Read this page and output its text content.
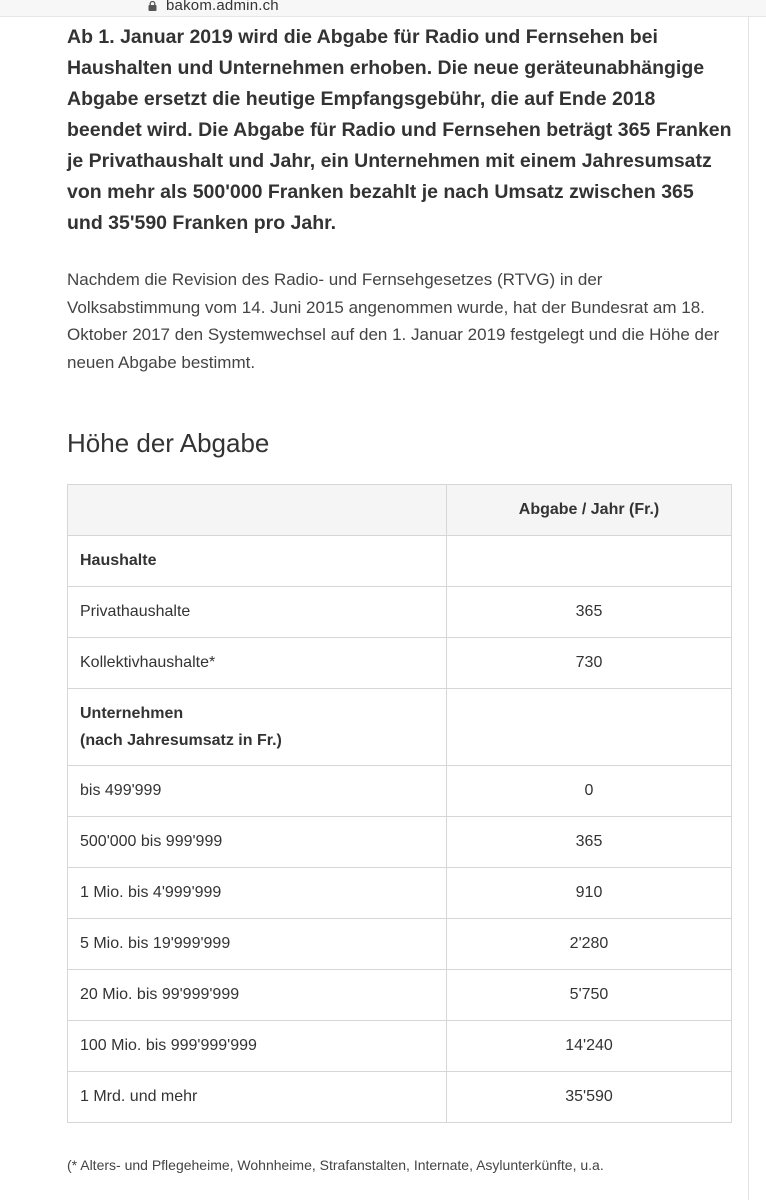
bakom.admin.ch

Ab 1. Januar 2019 wird die Abgabe für Radio und Fernsehen bei Haushalten und Unternehmen erhoben. Die neue geräteunabhängige Abgabe ersetzt die heutige Empfangsgebühr, die auf Ende 2018 beendet wird. Die Abgabe für Radio und Fernsehen beträgt 365 Franken je Privathaushalt und Jahr, ein Unternehmen mit einem Jahresumsatz von mehr als 500'000 Franken bezahlt je nach Umsatz zwischen 365 und 35'590 Franken pro Jahr.

Nachdem die Revision des Radio- und Fernsehgesetzes (RTVG) in der Volksabstimmung vom 14. Juni 2015 angenommen wurde, hat der Bundesrat am 18. Oktober 2017 den Systemwechsel auf den 1. Januar 2019 festgelegt und die Höhe der neuen Abgabe bestimmt.

Höhe der Abgabe
	Abgabe / Jahr (Fr.)
Haushalte	
Privathaushalte	365
Kollektivhaushalte*	730
Unternehmen
(nach Jahresumsatz in Fr.)	
bis 499'999	0
500'000 bis 999'999	365
1 Mio. bis 4'999'999	910
5 Mio. bis 19'999'999	2'280
20 Mio. bis 99'999'999	5'750
100 Mio. bis 999'999'999	14'240
1 Mrd. und mehr	35'590
(* Alters- und Pflegeheime, Wohnheime, Strafanstalten, Internate, Asylunterkünfte, u.a.
